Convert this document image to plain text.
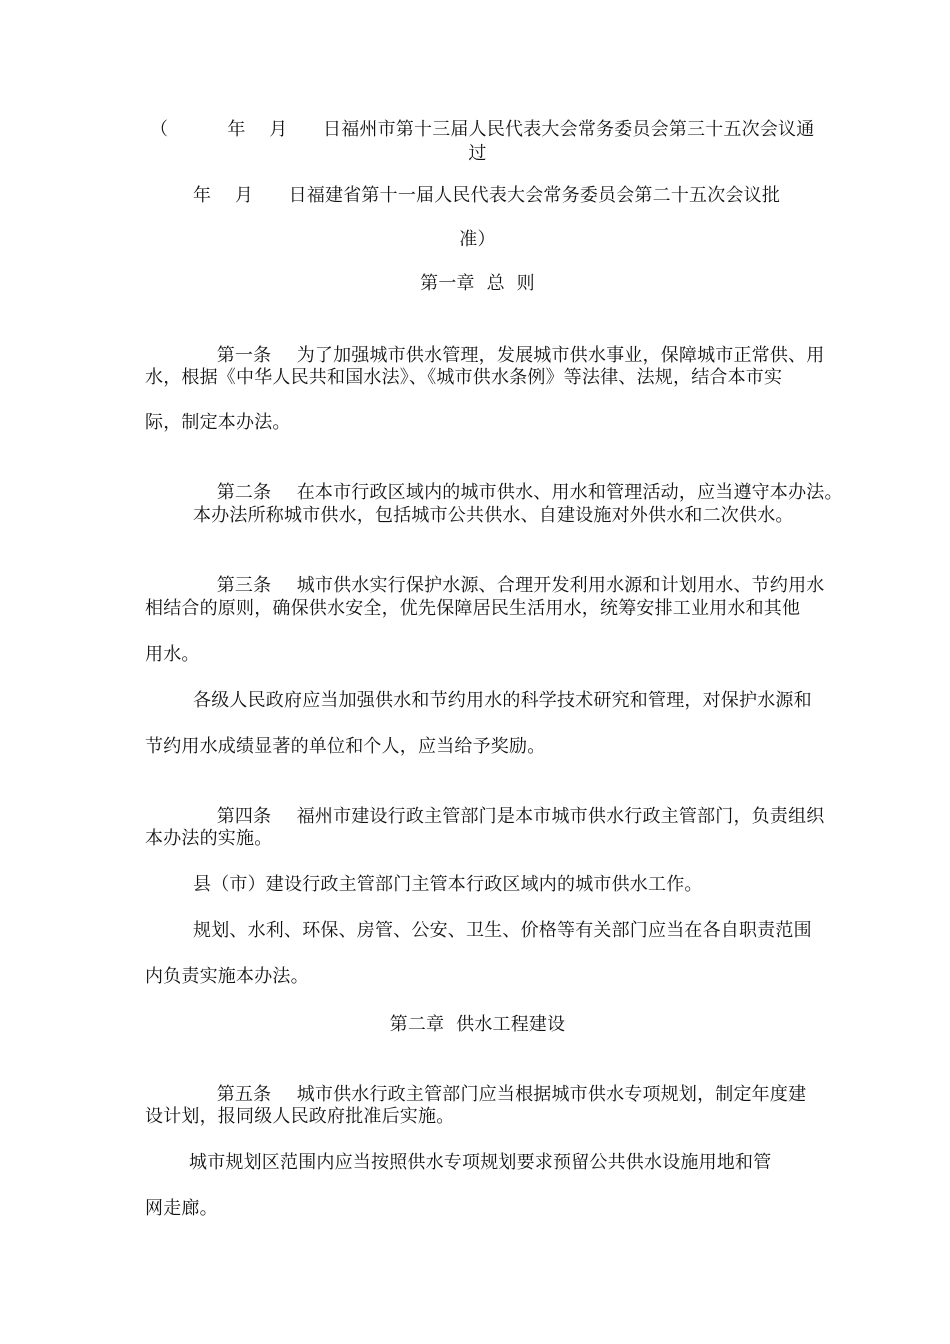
（          年    月      日福州市第十三届人民代表大会常务委员会第三十五次会议通
过
年    月      日福建省第十一届人民代表大会常务委员会第二十五次会议批
准）
第一章  总  则

第一条 为了加强城市供水管理，发展城市供水事业，保障城市正常供、用

水，根据《中华人民共和国水法》、《城市供水条例》等法律、法规，结合本市实
际，制定本办法。

第二条 在本市行政区域内的城市供水、用水和管理活动，应当遵守本办法。

本办法所称城市供水，包括城市公共供水、自建设施对外供水和二次供水。

第三条 城市供水实行保护水源、合理开发利用水源和计划用水、节约用水

相结合的原则，确保供水安全，优先保障居民生活用水，统筹安排工业用水和其他
用水。
各级人民政府应当加强供水和节约用水的科学技术研究和管理，对保护水源和
节约用水成绩显著的单位和个人，应当给予奖励。

第四条 福州市建设行政主管部门是本市城市供水行政主管部门，负责组织

本办法的实施。
县（市）建设行政主管部门主管本行政区域内的城市供水工作。
规划、水利、环保、房管、公安、卫生、价格等有关部门应当在各自职责范围
内负责实施本办法。
第二章  供水工程建设

第五条 城市供水行政主管部门应当根据城市供水专项规划，制定年度建

设计划，报同级人民政府批准后实施。
城市规划区范围内应当按照供水专项规划要求预留公共供水设施用地和管
网走廊。
